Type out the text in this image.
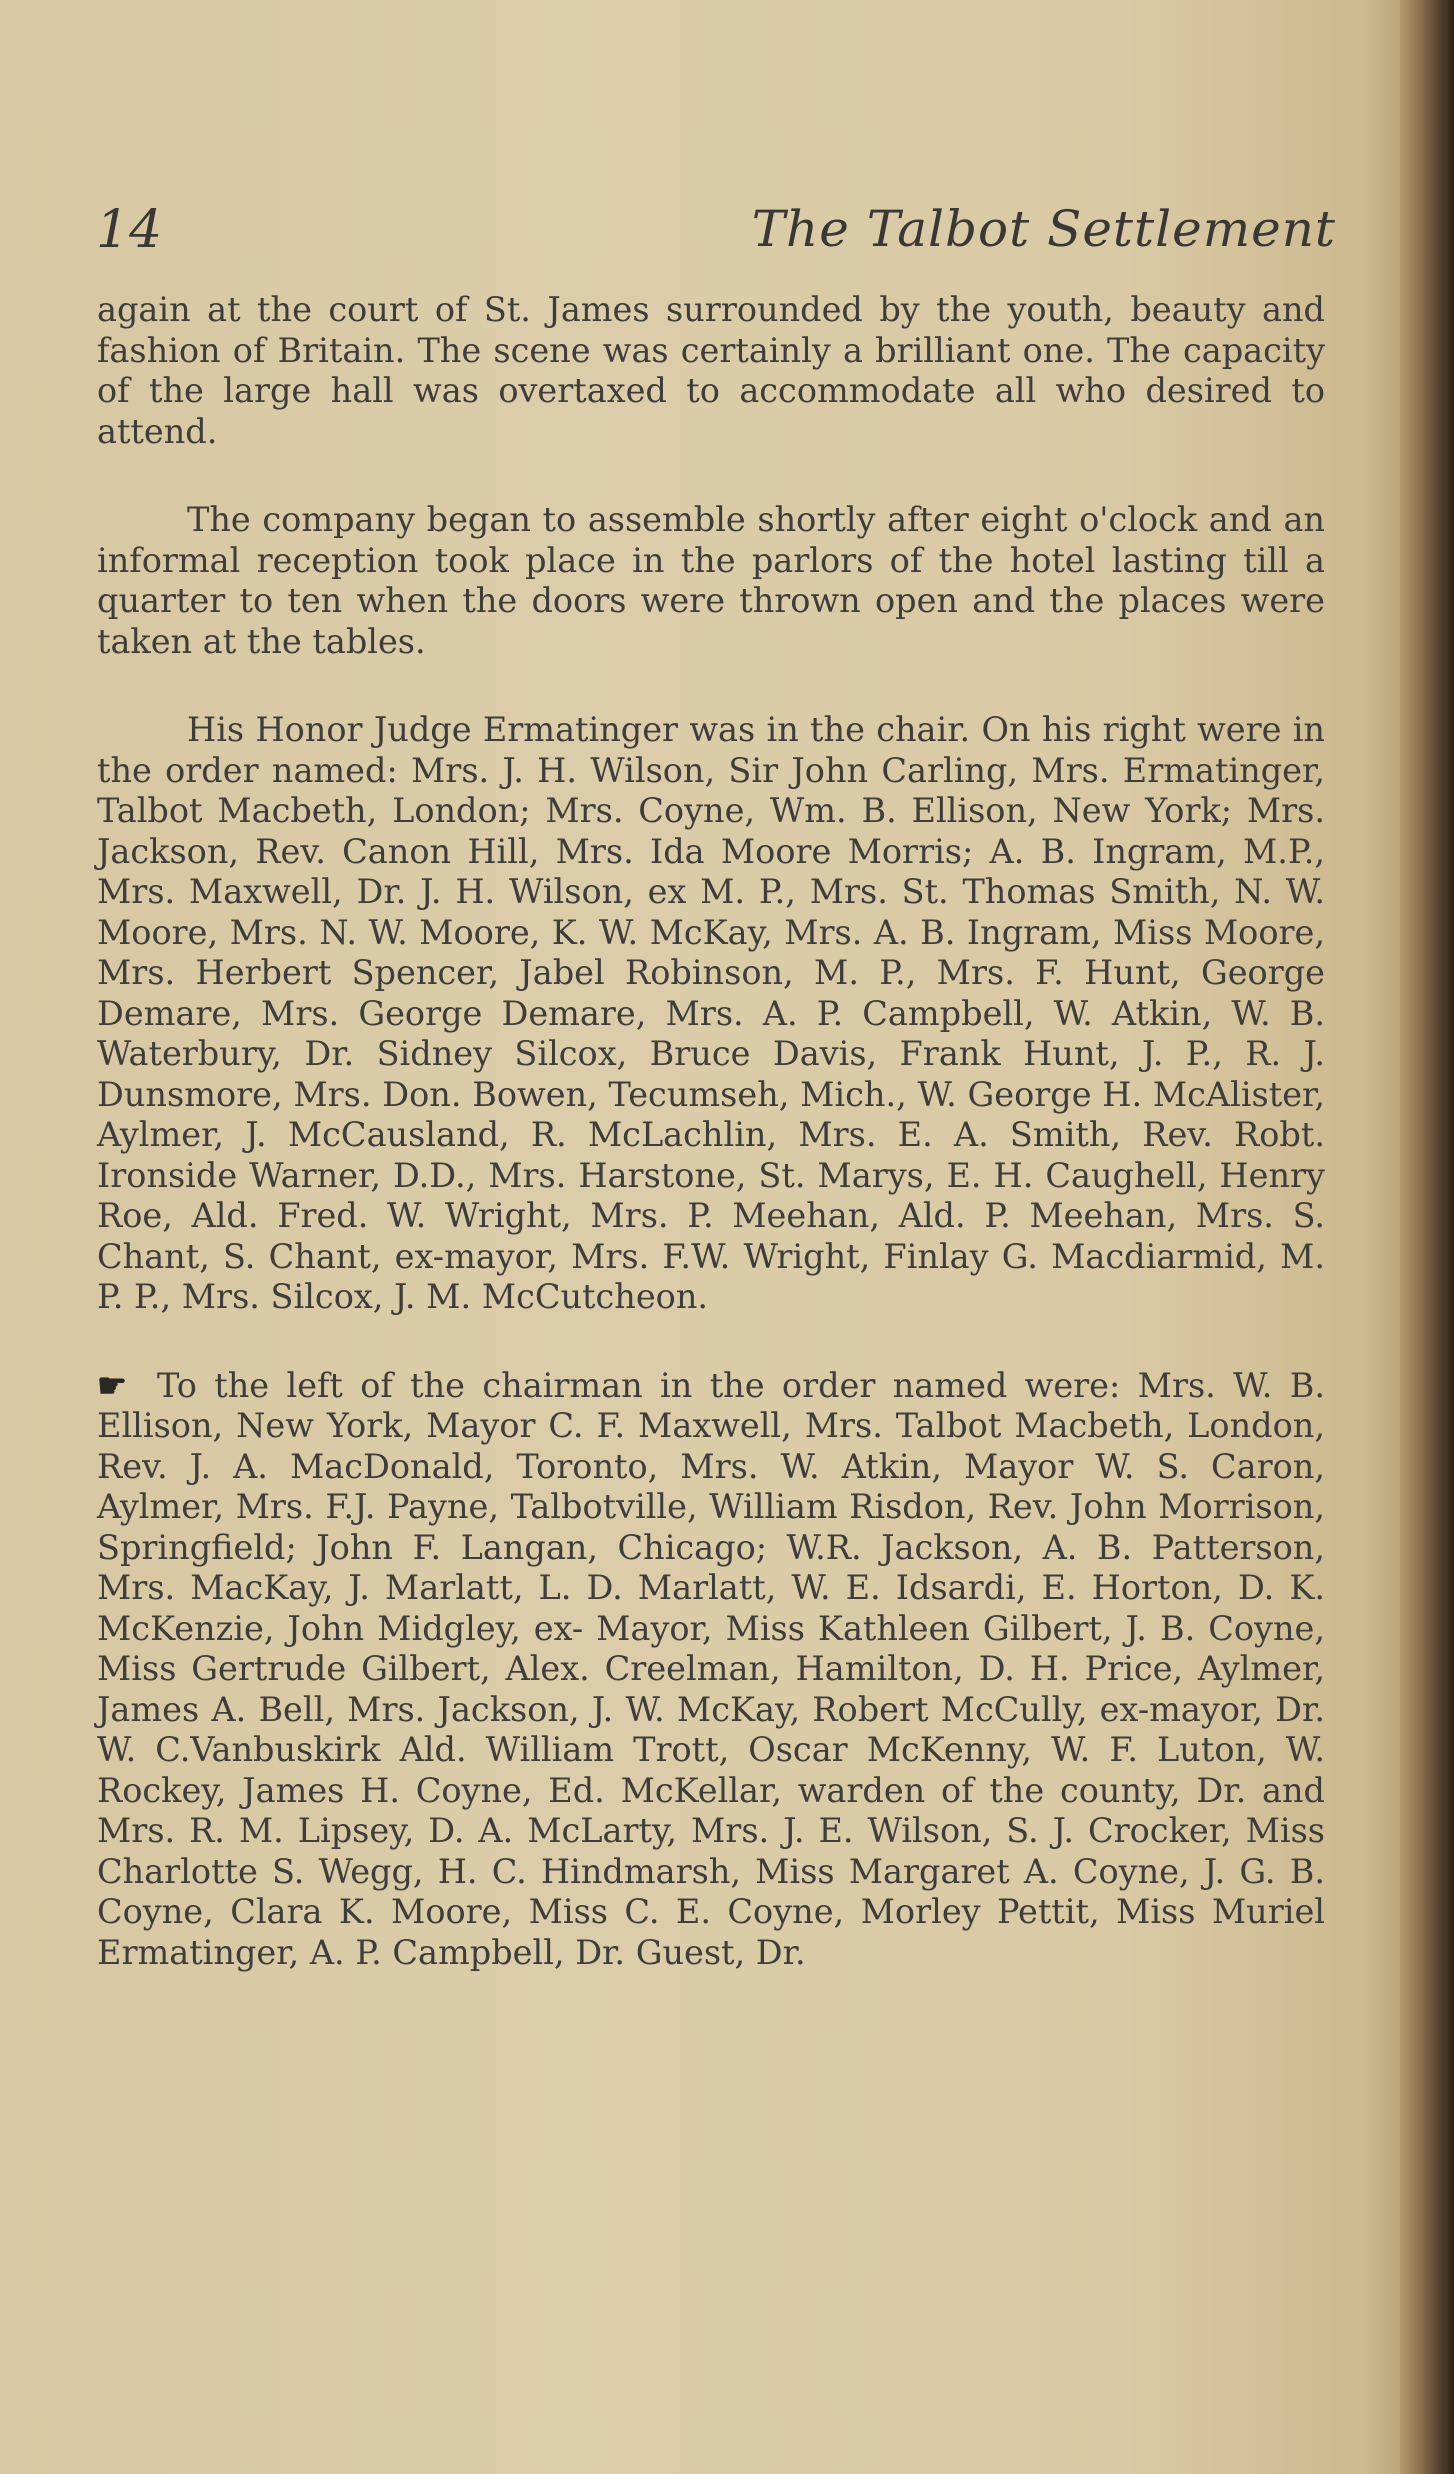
14	The Talbot Settlement

again at the court of St. James surrounded by the youth, beauty and fashion of Britain. The scene was certainly a brilliant one. The capacity of the large hall was overtaxed to accommodate all who desired to attend.

The company began to assemble shortly after eight o'clock and an informal reception took place in the parlors of the hotel lasting till a quarter to ten when the doors were thrown open and the places were taken at the tables.

His Honor Judge Ermatinger was in the chair. On his right were in the order named: Mrs. J. H. Wilson, Sir John Carling, Mrs. Ermatinger, Talbot Macbeth, London; Mrs. Coyne, Wm. B. Ellison, New York; Mrs. Jackson, Rev. Canon Hill, Mrs. Ida Moore Morris; A. B. Ingram, M.P., Mrs. Maxwell, Dr. J. H. Wilson, ex M. P., Mrs. St. Thomas Smith, N. W. Moore, Mrs. N. W. Moore, K. W. McKay, Mrs. A. B. Ingram, Miss Moore, Mrs. Herbert Spencer, Jabel Robinson, M. P., Mrs. F. Hunt, George Demare, Mrs. George Demare, Mrs. A. P. Campbell, W. Atkin, W. B. Waterbury, Dr. Sidney Silcox, Bruce Davis, Frank Hunt, J. P., R. J. Dunsmore, Mrs. Don. Bowen, Tecumseh, Mich., W. George H. McAlister, Aylmer, J. McCausland, R. McLachlin, Mrs. E. A. Smith, Rev. Robt. Ironside Warner, D.D., Mrs. Harstone, St. Marys, E. H. Caughell, Henry Roe, Ald. Fred. W. Wright, Mrs. P. Meehan, Ald. P. Meehan, Mrs. S. Chant, S. Chant, ex-mayor, Mrs. F.W. Wright, Finlay G. Macdiarmid, M. P. P., Mrs. Silcox, J. M. McCutcheon.

☛ To the left of the chairman in the order named were: Mrs. W. B. Ellison, New York, Mayor C. F. Maxwell, Mrs. Talbot Macbeth, London, Rev. J. A. MacDonald, Toronto, Mrs. W. Atkin, Mayor W. S. Caron, Aylmer, Mrs. F.J. Payne, Talbotville, William Risdon, Rev. John Morrison, Springfield; John F. Langan, Chicago; W.R. Jackson, A. B. Patterson, Mrs. MacKay, J. Marlatt, L. D. Marlatt, W. E. Idsardi, E. Horton, D. K. McKenzie, John Midgley, ex- Mayor, Miss Kathleen Gilbert, J. B. Coyne, Miss Gertrude Gilbert, Alex. Creelman, Hamilton, D. H. Price, Aylmer, James A. Bell, Mrs. Jackson, J. W. McKay, Robert McCully, ex-mayor, Dr. W. C.Vanbuskirk Ald. William Trott, Oscar McKenny, W. F. Luton, W. Rockey, James H. Coyne, Ed. McKellar, warden of the county, Dr. and Mrs. R. M. Lipsey, D. A. McLarty, Mrs. J. E. Wilson, S. J. Crocker, Miss Charlotte S. Wegg, H. C. Hindmarsh, Miss Margaret A. Coyne, J. G. B. Coyne, Clara K. Moore, Miss C. E. Coyne, Morley Pettit, Miss Muriel Ermatinger, A. P. Campbell, Dr. Guest, Dr.
